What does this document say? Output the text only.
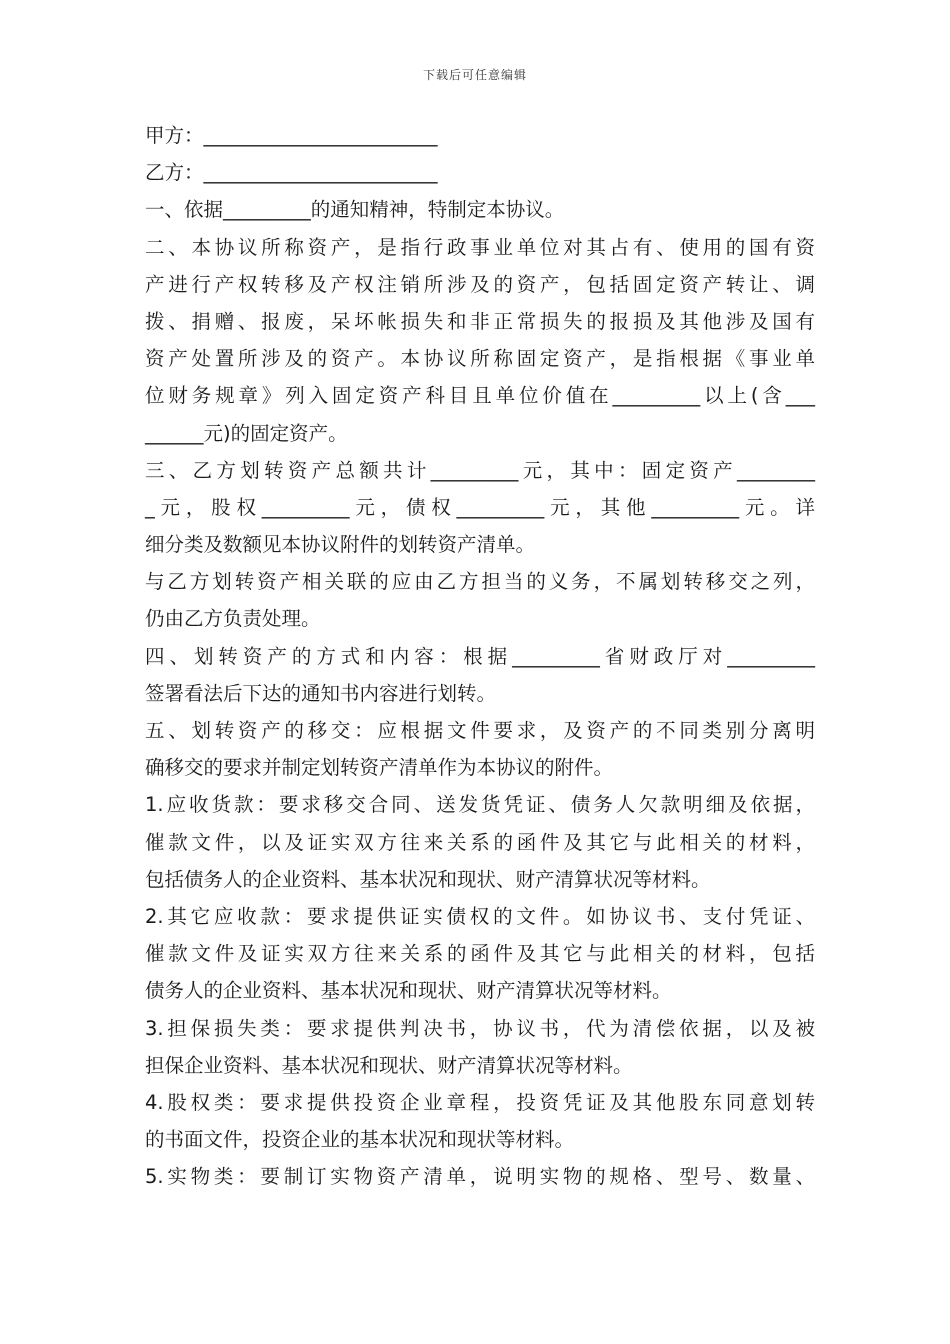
下载后可任意编辑
甲方：________________________
乙方：________________________
一、依据_________的通知精神，特制定本协议。
二、本协议所称资产，是指行政事业单位对其占有、使用的国有资
产进行产权转移及产权注销所涉及的资产，包括固定资产转让、调
拨、捐赠、报废，呆坏帐损失和非正常损失的报损及其他涉及国有
资产处置所涉及的资产。本协议所称固定资产，是指根据《事业单
位财务规章》列入固定资产科目且单位价值在_________以上(含___
______元)的固定资产。
三、乙方划转资产总额共计_________元，其中：固定资产________
_元，股权_________元，债权_________元，其他_________元。详
细分类及数额见本协议附件的划转资产清单。
与乙方划转资产相关联的应由乙方担当的义务，不属划转移交之列，
仍由乙方负责处理。
四、划转资产的方式和内容：根据_________省财政厅对_________
签署看法后下达的通知书内容进行划转。
五、划转资产的移交：应根据文件要求，及资产的不同类别分离明
确移交的要求并制定划转资产清单作为本协议的附件。
1.应收货款：要求移交合同、送发货凭证、债务人欠款明细及依据，
催款文件，以及证实双方往来关系的函件及其它与此相关的材料，
包括债务人的企业资料、基本状况和现状、财产清算状况等材料。
2.其它应收款：要求提供证实债权的文件。如协议书、支付凭证、
催款文件及证实双方往来关系的函件及其它与此相关的材料，包括
债务人的企业资料、基本状况和现状、财产清算状况等材料。
3.担保损失类：要求提供判决书，协议书，代为清偿依据，以及被
担保企业资料、基本状况和现状、财产清算状况等材料。
4.股权类：要求提供投资企业章程，投资凭证及其他股东同意划转
的书面文件，投资企业的基本状况和现状等材料。
5.实物类：要制订实物资产清单，说明实物的规格、型号、数量、
